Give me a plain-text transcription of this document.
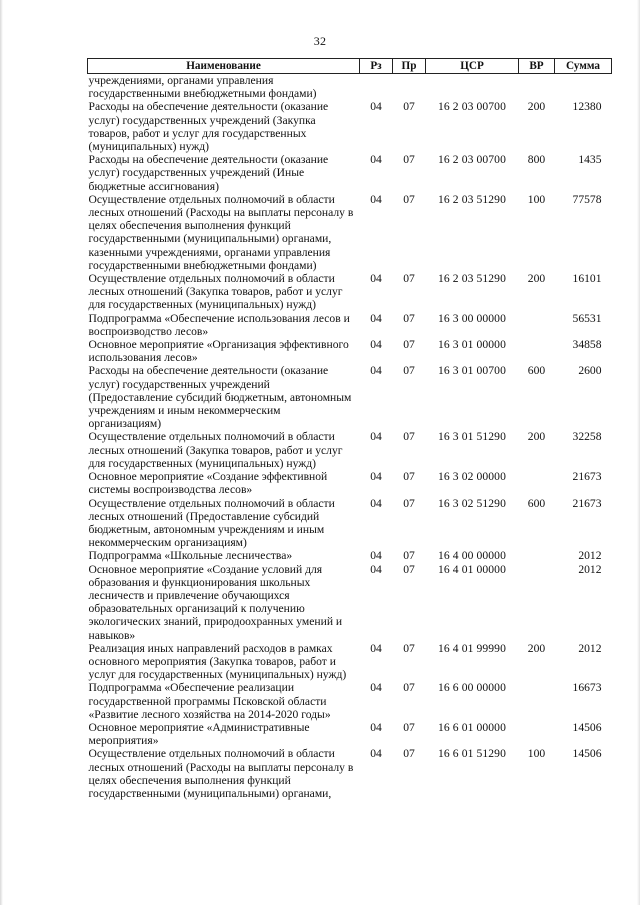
32
Наименование	Рз	Пр	ЦСР	ВР	Сумма
учреждениями, органами управления государственными внебюджетными фондами)					
Расходы на обеспечение деятельности (оказание услуг) государственных учреждений (Закупка товаров, работ и услуг для государственных (муниципальных) нужд)	04	07	16 2 03 00700	200	12380
Расходы на обеспечение деятельности (оказание услуг) государственных учреждений (Иные бюджетные ассигнования)	04	07	16 2 03 00700	800	1435
Осуществление отдельных полномочий в области лесных отношений (Расходы на выплаты персоналу в целях обеспечения выполнения функций государственными (муниципальными) органами, казенными учреждениями, органами управления государственными внебюджетными фондами)	04	07	16 2 03 51290	100	77578
Осуществление отдельных полномочий в области лесных отношений (Закупка товаров, работ и услуг для государственных (муниципальных) нужд)	04	07	16 2 03 51290	200	16101
Подпрограмма «Обеспечение использования лесов и воспроизводство лесов»	04	07	16 3 00 00000		56531
Основное мероприятие «Организация эффективного использования лесов»	04	07	16 3 01 00000		34858
Расходы на обеспечение деятельности (оказание услуг) государственных учреждений (Предоставление субсидий бюджетным, автономным учреждениям и иным некоммерческим организациям)	04	07	16 3 01 00700	600	2600
Осуществление отдельных полномочий в области лесных отношений (Закупка товаров, работ и услуг для государственных (муниципальных) нужд)	04	07	16 3 01 51290	200	32258
Основное мероприятие «Создание эффективной системы воспроизводства лесов»	04	07	16 3 02 00000		21673
Осуществление отдельных полномочий в области лесных отношений (Предоставление субсидий бюджетным, автономным учреждениям и иным некоммерческим организациям)	04	07	16 3 02 51290	600	21673
Подпрограмма «Школьные лесничества»	04	07	16 4 00 00000		2012
Основное мероприятие «Создание условий для образования и функционирования школьных лесничеств и привлечение обучающихся образовательных организаций к получению экологических знаний, природоохранных умений и навыков»	04	07	16 4 01 00000		2012
Реализация иных направлений расходов в рамках основного мероприятия (Закупка товаров, работ и услуг для государственных (муниципальных) нужд)	04	07	16 4 01 99990	200	2012
Подпрограмма «Обеспечение реализации государственной программы Псковской области «Развитие лесного хозяйства на 2014-2020 годы»	04	07	16 6 00 00000		16673
Основное мероприятие «Административные мероприятия»	04	07	16 6 01 00000		14506
Осуществление отдельных полномочий в области лесных отношений (Расходы на выплаты персоналу в целях обеспечения выполнения функций государственными (муниципальными) органами,	04	07	16 6 01 51290	100	14506
